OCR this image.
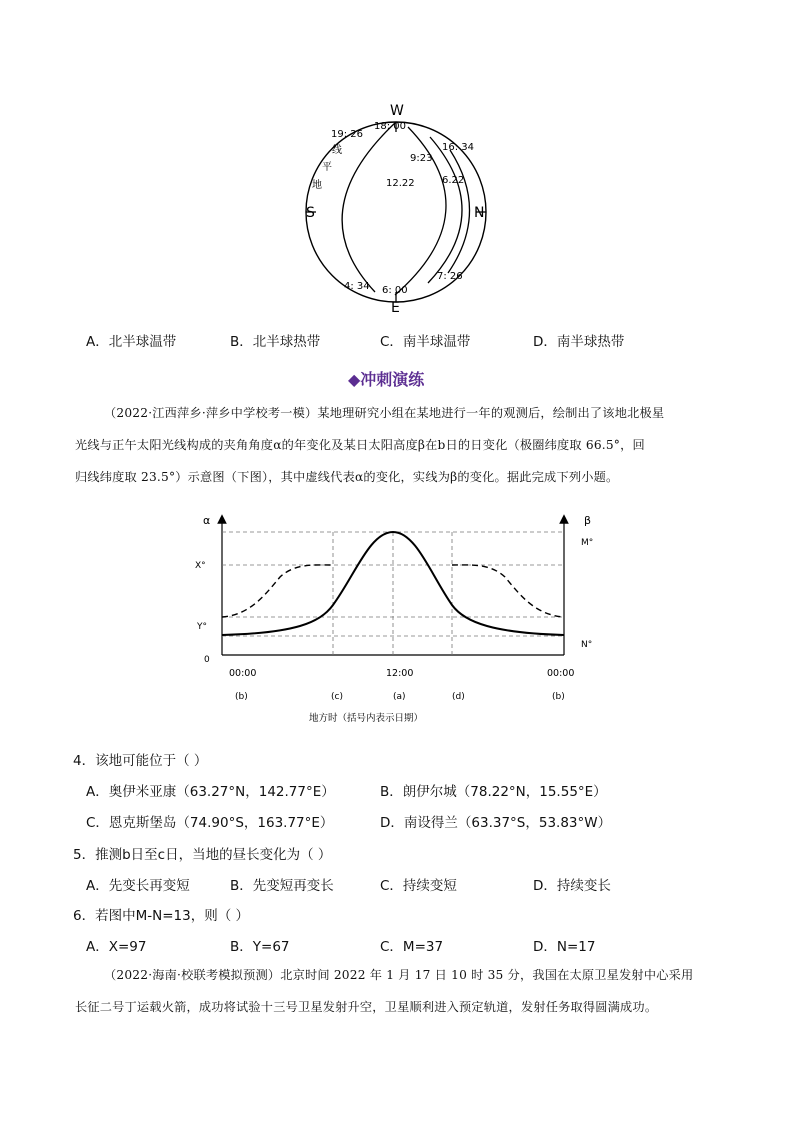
W
E
S	N
18: 00
19: 26
9:23
16: 34
12.22	6.22
7: 26
4: 34 6: 00
线
平
地
A．北半球温带	B．北半球热带	C．南半球温带	D．南半球热带
◆冲刺演练
（2022·江西萍乡·萍乡中学校考一模）某地理研究小组在某地进行一年的观测后，绘制出了该地北极星
光线与正午太阳光线构成的夹角角度α的年变化及某日太阳高度β在b日的日变化（极圈纬度取 66.5°，回
归线纬度取 23.5°）示意图（下图），其中虚线代表α的变化，实线为β的变化。据此完成下列小题。
α	β
X°
Y°
0
M°
N°
00:00	12:00	00:00
(b)	(c)	(a)	(d)	(b)
地方时（括号内表示日期）
4．该地可能位于（ ）
A．奥伊米亚康（63.27°N，142.77°E）	B．朗伊尔城（78.22°N，15.55°E）
C．恩克斯堡岛（74.90°S，163.77°E）	D．南设得兰（63.37°S，53.83°W）
5．推测b日至c日，当地的昼长变化为（ ）
A．先变长再变短	B．先变短再变长	C．持续变短	D．持续变长
6．若图中M-N=13，则（ ）
A．X=97	B．Y=67	C．M=37	D．N=17
（2022·海南·校联考模拟预测）北京时间 2022 年 1 月 17 日 10 时 35 分，我国在太原卫星发射中心采用
长征二号丁运载火箭，成功将试验十三号卫星发射升空，卫星顺利进入预定轨道，发射任务取得圆满成功。
